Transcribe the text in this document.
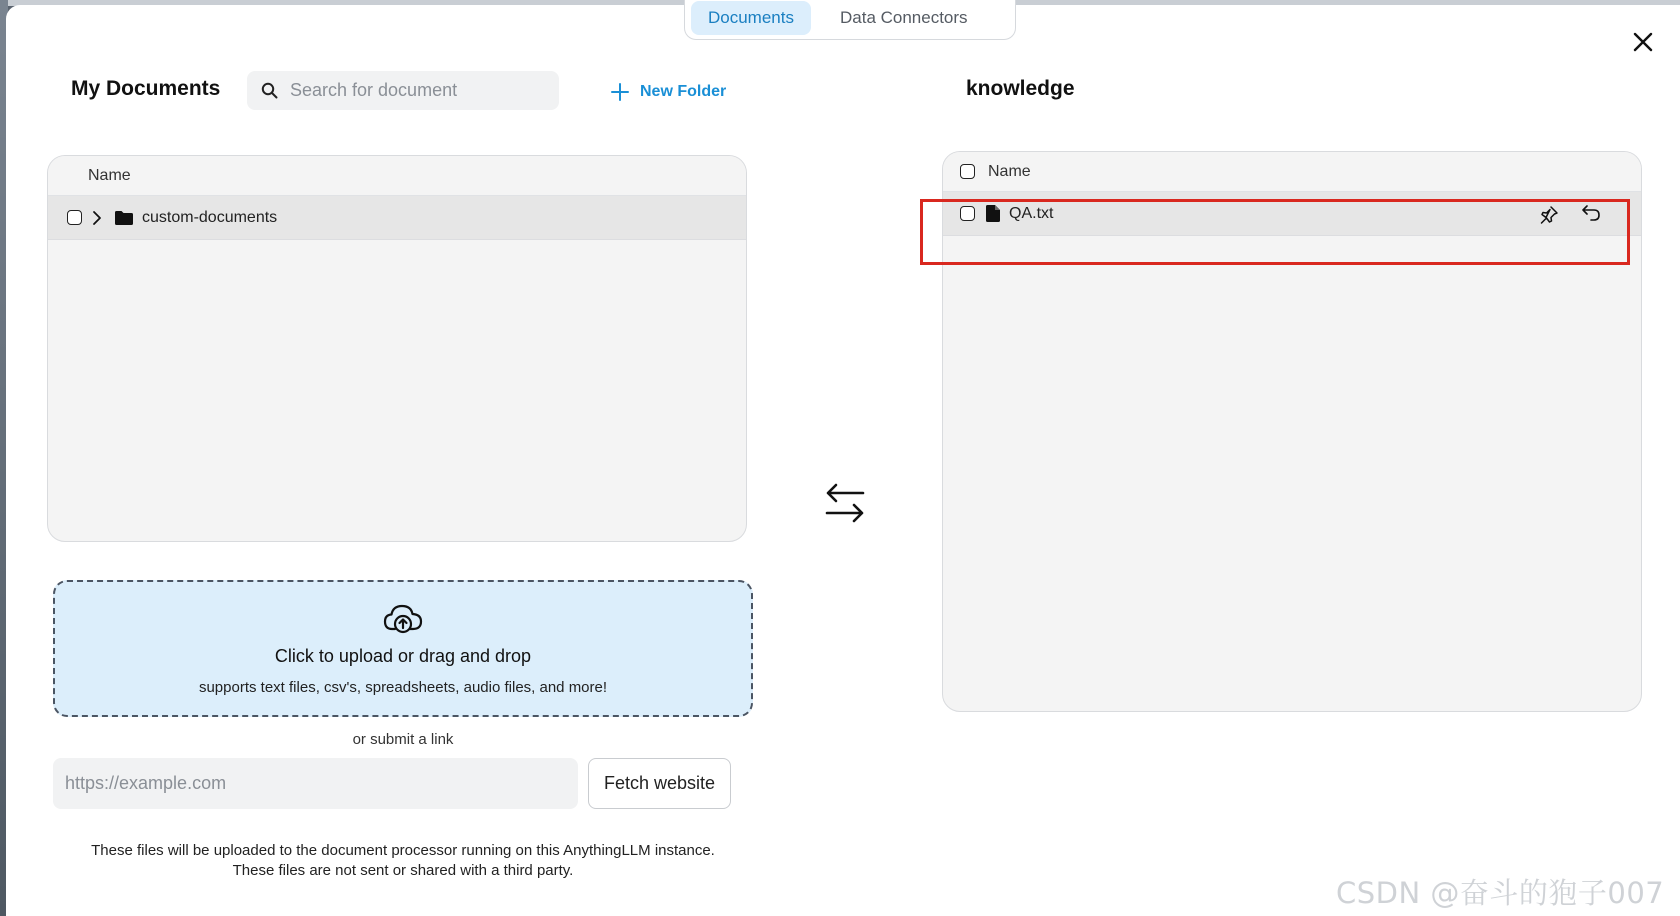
Documents	Data Connectors
My Documents
Search for document	New Folder	knowledge
Name
custom-documents
Name
QA.txt
Click to upload or drag and drop
supports text files, csv's, spreadsheets, audio files, and more!
or submit a link
https://example.com
Fetch website
These files will be uploaded to the document processor running on this AnythingLLM instance.
These files are not sent or shared with a third party.
CSDN @奋斗的狍子007
